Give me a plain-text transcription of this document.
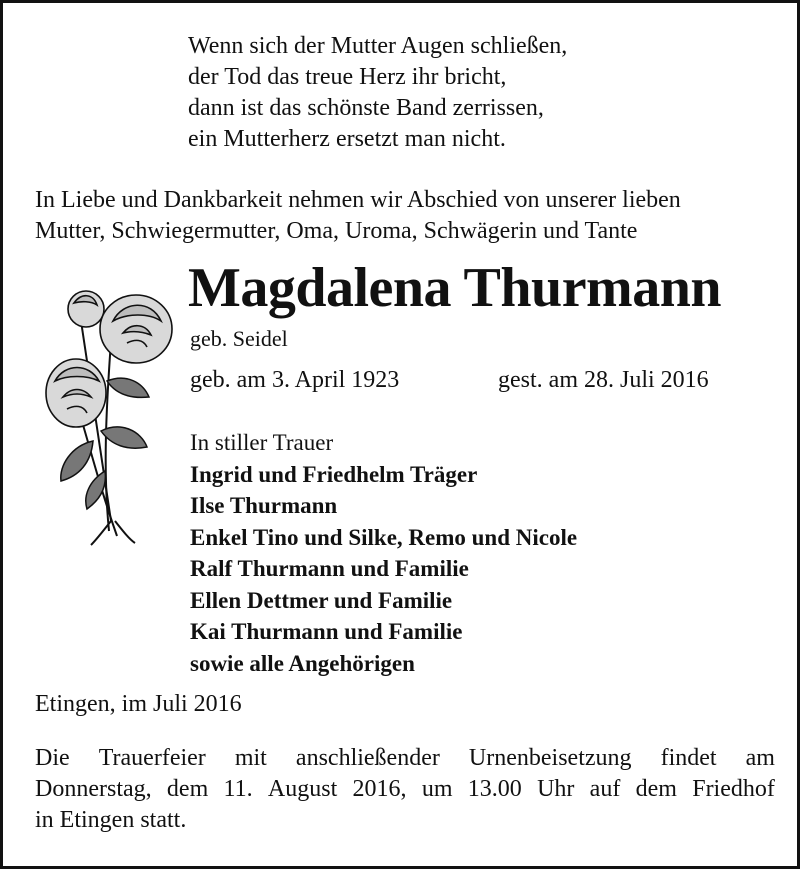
Wenn sich der Mutter Augen schließen,
der Tod das treue Herz ihr bricht,
dann ist das schönste Band zerrissen,
ein Mutterherz ersetzt man nicht.
In Liebe und Dankbarkeit nehmen wir Abschied von unserer lieben
Mutter, Schwiegermutter, Oma, Uroma, Schwägerin und Tante
Magdalena Thurmann
geb. Seidel
geb. am 3. April 1923	gest. am 28. Juli 2016
In stiller Trauer
Ingrid und Friedhelm Träger
Ilse Thurmann
Enkel Tino und Silke, Remo und Nicole
Ralf Thurmann und Familie
Ellen Dettmer und Familie
Kai Thurmann und Familie
sowie alle Angehörigen
Etingen, im Juli 2016
Die Trauerfeier mit anschließender Urnenbeisetzung findet am
Donnerstag, dem 11. August 2016, um 13.00 Uhr auf dem Friedhof
in Etingen statt.
